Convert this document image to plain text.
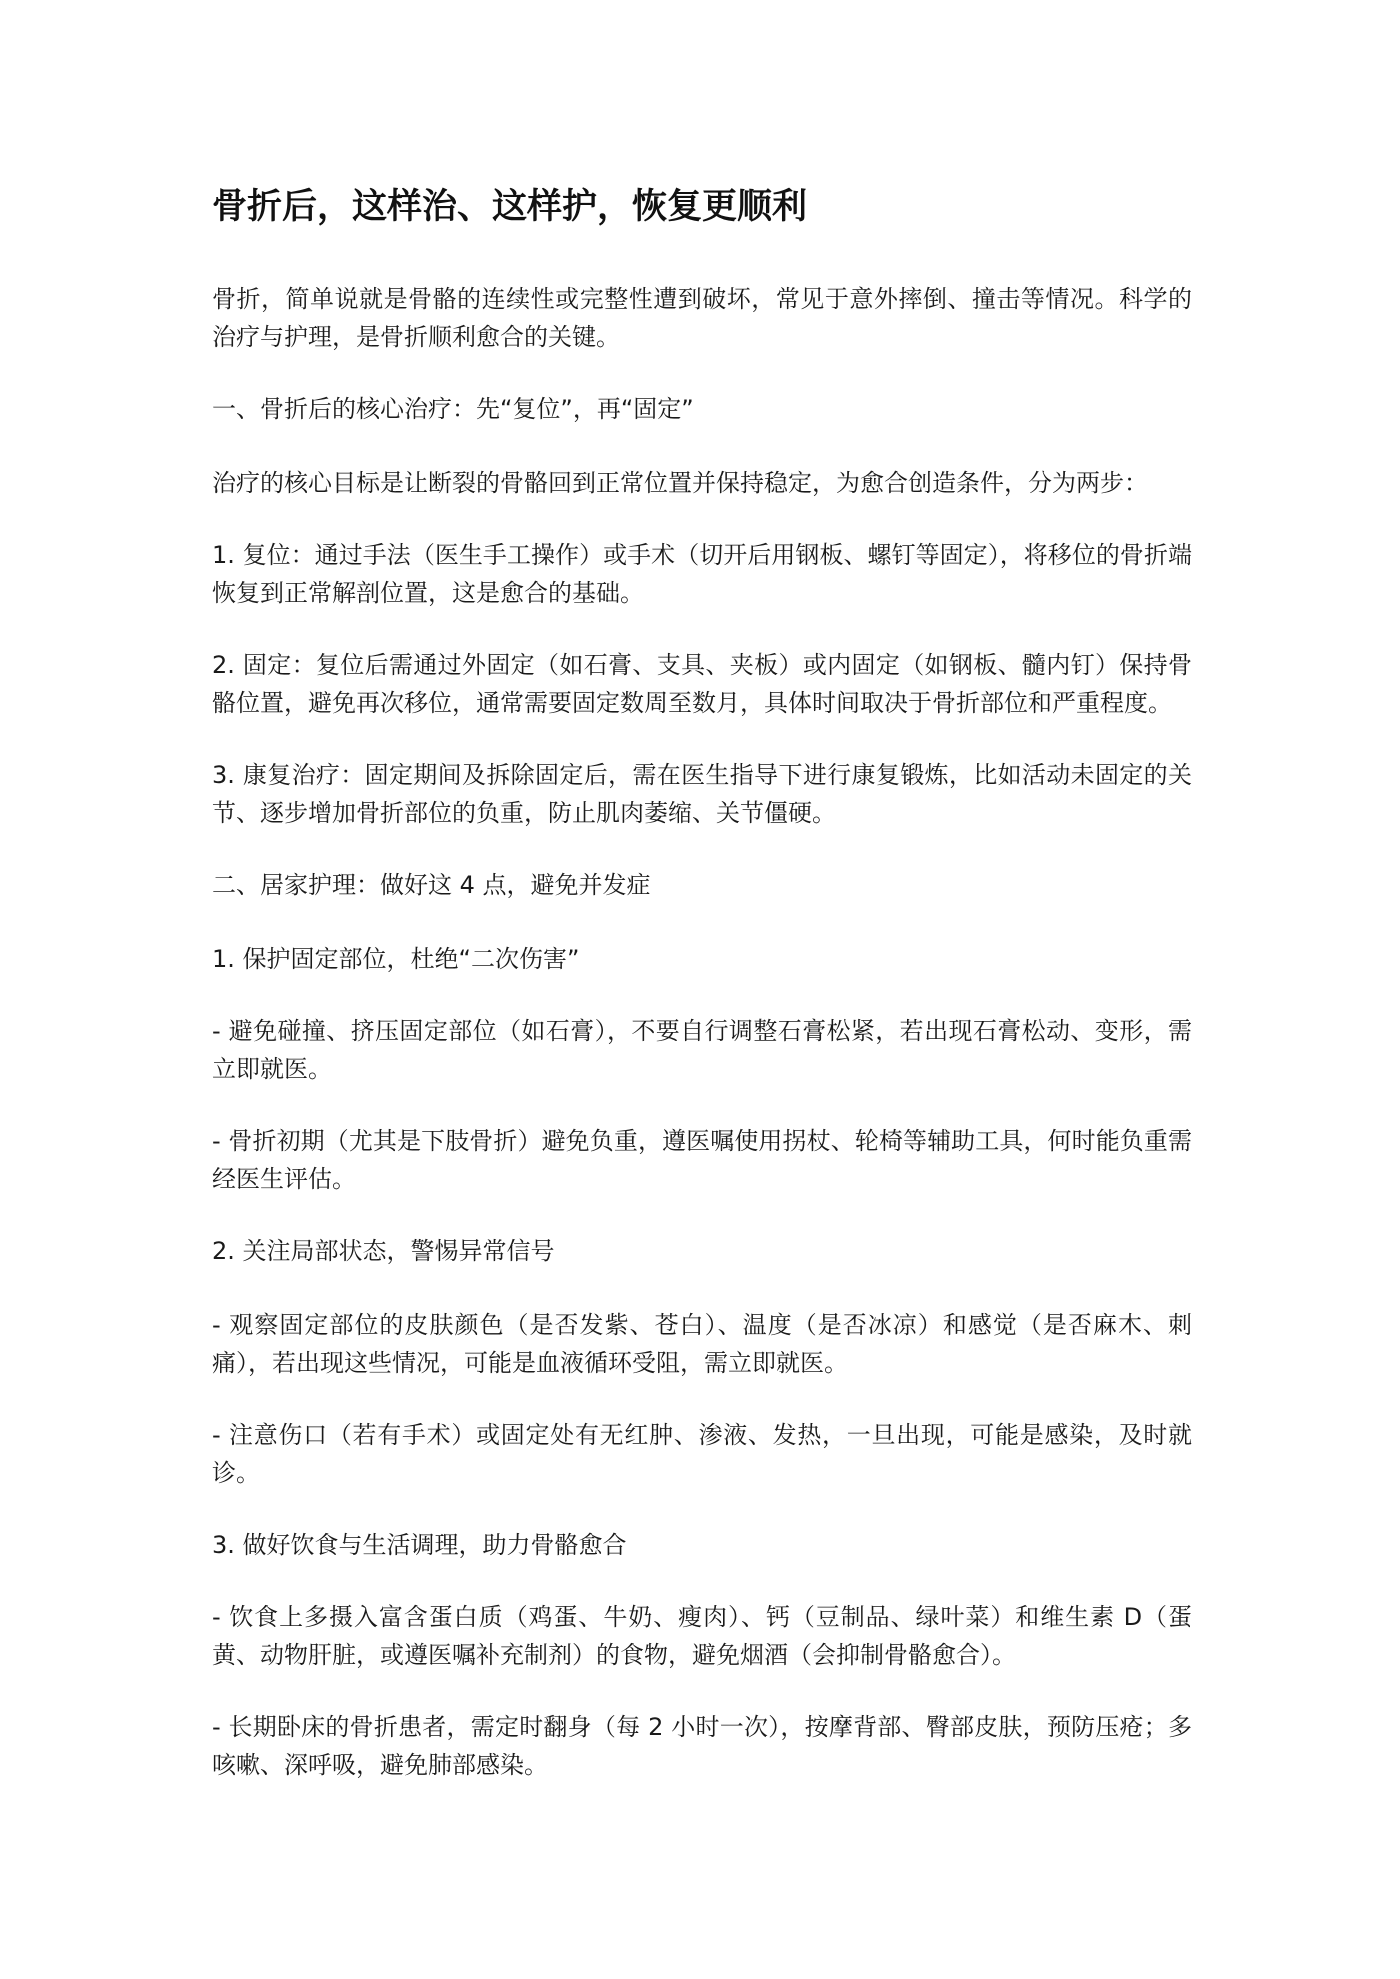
骨折后，这样治、这样护，恢复更顺利

骨折，简单说就是骨骼的连续性或完整性遭到破坏，常见于意外摔倒、撞击等情况。科学的治疗与护理，是骨折顺利愈合的关键。

一、骨折后的核心治疗：先“复位”，再“固定”

治疗的核心目标是让断裂的骨骼回到正常位置并保持稳定，为愈合创造条件，分为两步：

1. 复位：通过手法（医生手工操作）或手术（切开后用钢板、螺钉等固定），将移位的骨折端恢复到正常解剖位置，这是愈合的基础。

2. 固定：复位后需通过外固定（如石膏、支具、夹板）或内固定（如钢板、髓内钉）保持骨骼位置，避免再次移位，通常需要固定数周至数月，具体时间取决于骨折部位和严重程度。

3. 康复治疗：固定期间及拆除固定后，需在医生指导下进行康复锻炼，比如活动未固定的关节、逐步增加骨折部位的负重，防止肌肉萎缩、关节僵硬。

二、居家护理：做好这 4 点，避免并发症

1. 保护固定部位，杜绝“二次伤害”

- 避免碰撞、挤压固定部位（如石膏），不要自行调整石膏松紧，若出现石膏松动、变形，需立即就医。

- 骨折初期（尤其是下肢骨折）避免负重，遵医嘱使用拐杖、轮椅等辅助工具，何时能负重需经医生评估。

2. 关注局部状态，警惕异常信号

- 观察固定部位的皮肤颜色（是否发紫、苍白）、温度（是否冰凉）和感觉（是否麻木、刺痛），若出现这些情况，可能是血液循环受阻，需立即就医。

- 注意伤口（若有手术）或固定处有无红肿、渗液、发热，一旦出现，可能是感染，及时就诊。

3. 做好饮食与生活调理，助力骨骼愈合

- 饮食上多摄入富含蛋白质（鸡蛋、牛奶、瘦肉）、钙（豆制品、绿叶菜）和维生素 D（蛋黄、动物肝脏，或遵医嘱补充制剂）的食物，避免烟酒（会抑制骨骼愈合）。

- 长期卧床的骨折患者，需定时翻身（每 2 小时一次），按摩背部、臀部皮肤，预防压疮；多咳嗽、深呼吸，避免肺部感染。
